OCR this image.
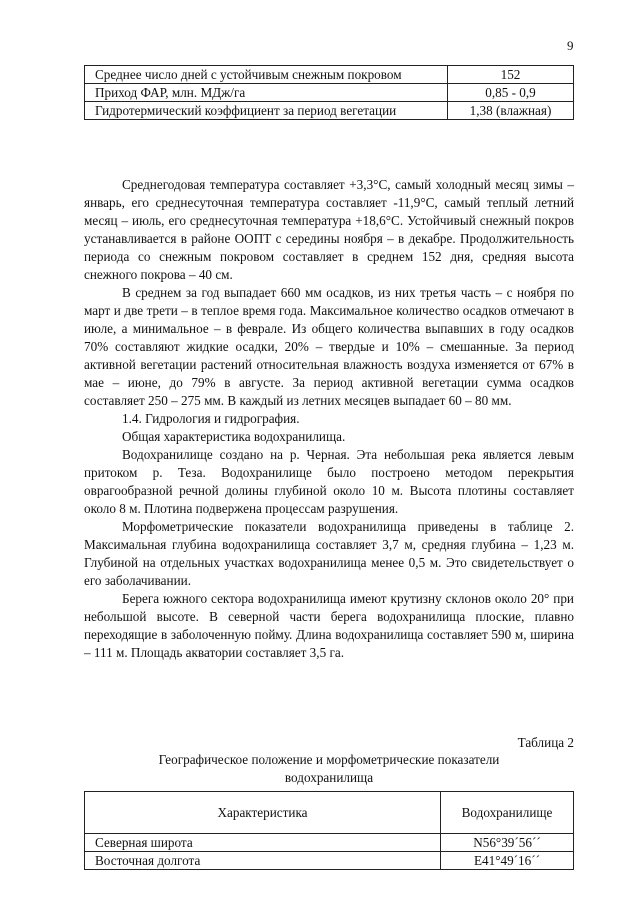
9
Среднее число дней с устойчивым снежным покровом	152
Приход ФАР, млн. МДж/га	0,85 - 0,9
Гидротермический коэффициент за период вегетации	1,38 (влажная)

Среднегодовая температура составляет +3,3°С, самый холодный месяц зимы – январь, его среднесуточная температура составляет -11,9°С, самый теплый летний месяц – июль, его среднесуточная температура +18,6°С. Устойчивый снежный покров устанавливается в районе ООПТ с середины ноября – в декабре. Продолжительность периода со снежным покровом составляет в среднем 152 дня, средняя высота снежного покрова – 40 см.

В среднем за год выпадает 660 мм осадков, из них третья часть – с ноября по март и две трети – в теплое время года. Максимальное количество осадков отмечают в июле, а минимальное – в феврале. Из общего количества выпавших в году осадков 70% составляют жидкие осадки, 20% – твердые и 10% – смешанные. За период активной вегетации растений относительная влажность воздуха изменяется от 67% в мае – июне, до 79% в августе. За период активной вегетации сумма осадков составляет 250 – 275 мм. В каждый из летних месяцев выпадает 60 – 80 мм.

1.4. Гидрология и гидрография.

Общая характеристика водохранилища.

Водохранилище создано на р. Черная. Эта небольшая река является левым притоком р. Теза. Водохранилище было построено методом перекрытия оврагообразной речной долины глубиной около 10 м. Высота плотины составляет около 8 м. Плотина подвержена процессам разрушения.

Морфометрические показатели водохранилища приведены в таблице 2. Максимальная глубина водохранилища составляет 3,7 м, средняя глубина – 1,23 м. Глубиной на отдельных участках водохранилища менее 0,5 м. Это свидетельствует о его заболачивании.

Берега южного сектора водохранилища имеют крутизну склонов около 20° при небольшой высоте. В северной части берега водохранилища плоские, плавно переходящие в заболоченную пойму. Длина водохранилища составляет 590 м, ширина – 111 м. Площадь акватории составляет 3,5 га.

Таблица 2
Географическое положение и морфометрические показатели
водохранилища
Характеристика	Водохранилище
Северная широта	N56°39´56´´
Восточная долгота	E41°49´16´´
